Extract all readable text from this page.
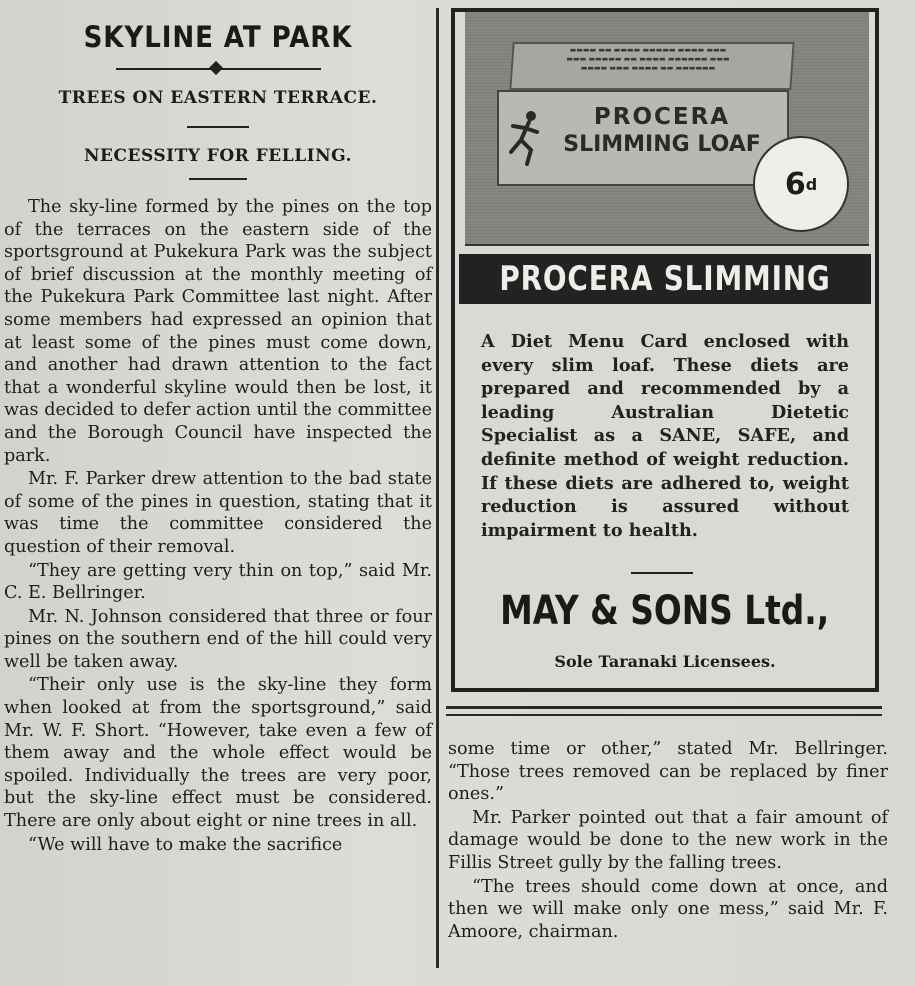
SKYLINE AT PARK
TREES ON EASTERN TERRACE.
NECESSITY FOR FELLING.

The sky-line formed by the pines on the top of the terraces on the eastern side of the sportsground at Pukekura Park was the subject of brief discussion at the monthly meeting of the Pukekura Park Committee last night. After some members had expressed an opinion that at least some of the pines must come down, and another had drawn attention to the fact that a wonderful skyline would then be lost, it was decided to defer action until the committee and the Borough Council have inspected the park.

Mr. F. Parker drew attention to the bad state of some of the pines in question, stating that it was time the committee considered the question of their removal.

“They are getting very thin on top,” said Mr. C. E. Bellringer.

Mr. N. Johnson considered that three or four pines on the southern end of the hill could very well be taken away.

“Their only use is the sky-line they form when looked at from the sportsground,” said Mr. W. F. Short. “However, take even a few of them away and the whole effect would be spoiled. Individually the trees are very poor, but the sky-line effect must be considered. There are only about eight or nine trees in all.

“We will have to make the sacrifice

▬▬▬▬ ▬▬ ▬▬▬▬ ▬▬▬▬▬ ▬▬▬▬ ▬▬▬
▬▬▬ ▬▬▬▬▬ ▬▬ ▬▬▬▬ ▬▬▬▬▬▬ ▬▬▬
▬▬▬▬ ▬▬▬ ▬▬▬▬ ▬▬ ▬▬▬▬▬▬
PROCERA
SLIMMING LOAF
6 d
PROCERA SLIMMING
A Diet Menu Card enclosed with every slim loaf. These diets are prepared and recommended by a leading Australian Dietetic Specialist as a SANE, SAFE, and definite method of weight reduction. If these diets are adhered to, weight reduction is assured without impairment to health.
MAY & SONS Ltd.,
Sole Taranaki Licensees.

some time or other,” stated Mr. Bellringer. “Those trees removed can be replaced by finer ones.”

Mr. Parker pointed out that a fair amount of damage would be done to the new work in the Fillis Street gully by the falling trees.

“The trees should come down at once, and then we will make only one mess,” said Mr. F. Amoore, chairman.
